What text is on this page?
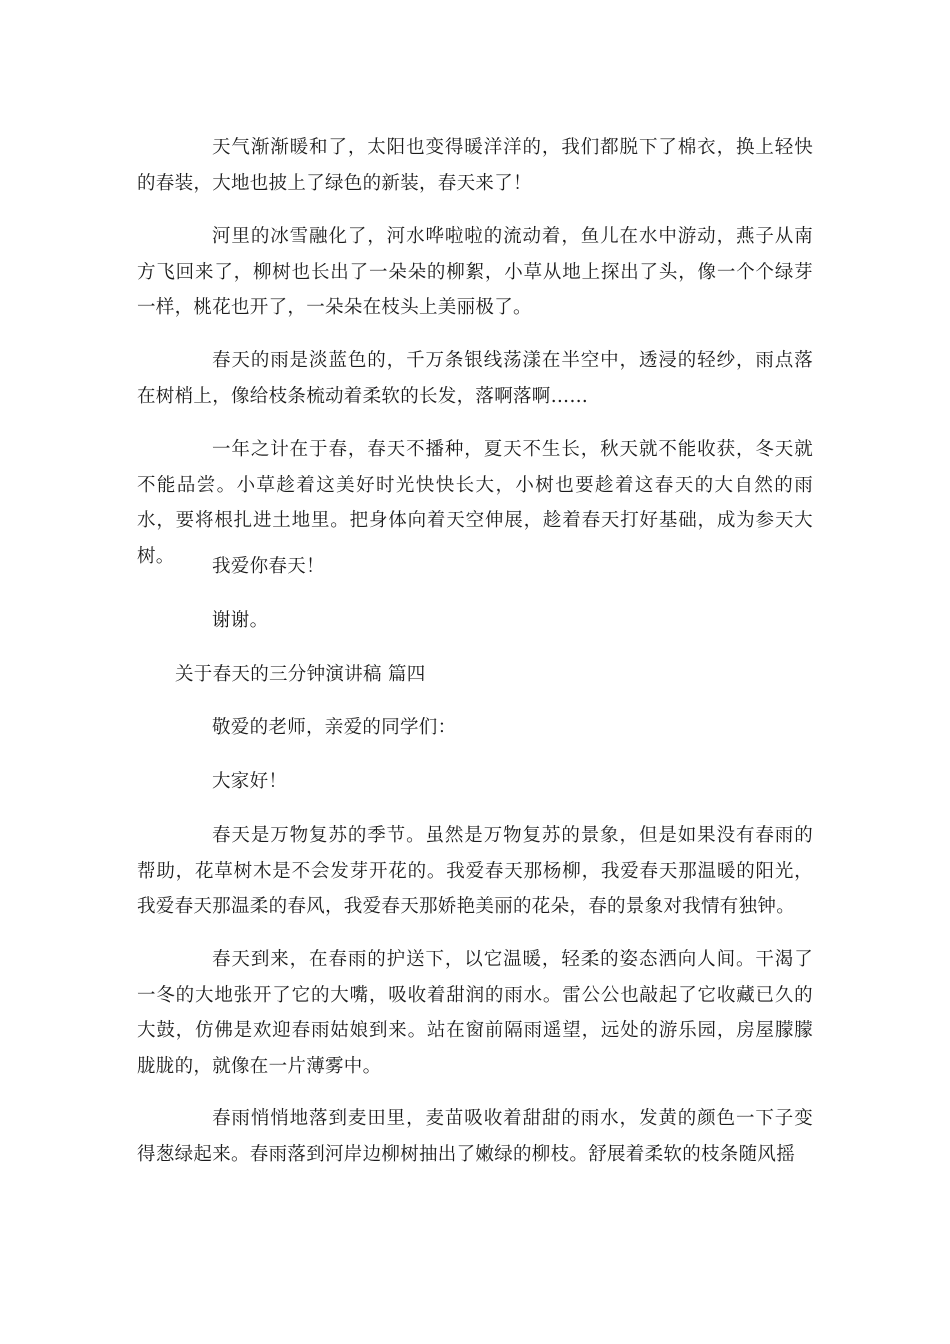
天气渐渐暖和了，太阳也变得暖洋洋的，我们都脱下了棉衣，换上轻快的春装，大地也披上了绿色的新装，春天来了！

河里的冰雪融化了，河水哗啦啦的流动着，鱼儿在水中游动，燕子从南方飞回来了，柳树也长出了一朵朵的柳絮，小草从地上探出了头，像一个个绿芽一样，桃花也开了，一朵朵在枝头上美丽极了。

春天的雨是淡蓝色的，千万条银线荡漾在半空中，透浸的轻纱，雨点落在树梢上，像给枝条梳动着柔软的长发，落啊落啊……

一年之计在于春，春天不播种，夏天不生长，秋天就不能收获，冬天就不能品尝。小草趁着这美好时光快快长大，小树也要趁着这春天的大自然的雨水，要将根扎进土地里。把身体向着天空伸展，趁着春天打好基础，成为参天大树。	我爱你春天！

谢谢。

关于春天的三分钟演讲稿 篇四

敬爱的老师，亲爱的同学们：

大家好！

春天是万物复苏的季节。虽然是万物复苏的景象，但是如果没有春雨的帮助，花草树木是不会发芽开花的。我爱春天那杨柳，我爱春天那温暖的阳光，我爱春天那温柔的春风，我爱春天那娇艳美丽的花朵，春的景象对我情有独钟。

春天到来，在春雨的护送下，以它温暖，轻柔的姿态洒向人间。干渴了一冬的大地张开了它的大嘴，吸收着甜润的雨水。雷公公也敲起了它收藏已久的大鼓，仿佛是欢迎春雨姑娘到来。站在窗前隔雨遥望，远处的游乐园，房屋朦朦胧胧的，就像在一片薄雾中。

春雨悄悄地落到麦田里，麦苗吸收着甜甜的雨水，发黄的颜色一下子变得葱绿起来。春雨落到河岸边柳树抽出了嫩绿的柳枝。舒展着柔软的枝条随风摇
